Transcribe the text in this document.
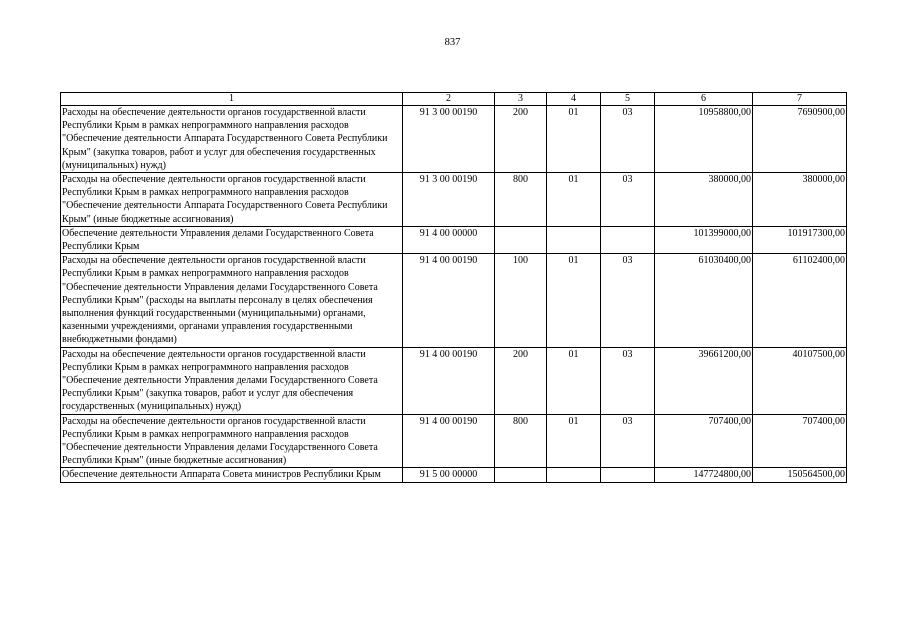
837
1	2	3	4	5	6	7
Расходы на обеспечение деятельности органов государственной власти Республики Крым в рамках непрограммного направления расходов "Обеспечение деятельности Аппарата Государственного Совета Республики Крым" (закупка товаров, работ и услуг для обеспечения государственных (муниципальных) нужд)	91 3 00 00190	200	01	03	10958800,00	7690900,00
Расходы на обеспечение деятельности органов государственной власти Республики Крым в рамках непрограммного направления расходов "Обеспечение деятельности Аппарата Государственного Совета Республики Крым" (иные бюджетные ассигнования)	91 3 00 00190	800	01	03	380000,00	380000,00
Обеспечение деятельности Управления делами Государственного Совета Республики Крым	91 4 00 00000				101399000,00	101917300,00
Расходы на обеспечение деятельности органов государственной власти Республики Крым в рамках непрограммного направления расходов "Обеспечение деятельности Управления делами Государственного Совета Республики Крым" (расходы на выплаты персоналу в целях обеспечения выполнения функций государственными (муниципальными) органами, казенными учреждениями, органами управления государственными внебюджетными фондами)	91 4 00 00190	100	01	03	61030400,00	61102400,00
Расходы на обеспечение деятельности органов государственной власти Республики Крым в рамках непрограммного направления расходов "Обеспечение деятельности Управления делами Государственного Совета Республики Крым" (закупка товаров, работ и услуг для обеспечения государственных (муниципальных) нужд)	91 4 00 00190	200	01	03	39661200,00	40107500,00
Расходы на обеспечение деятельности органов государственной власти Республики Крым в рамках непрограммного направления расходов "Обеспечение деятельности Управления делами Государственного Совета Республики Крым" (иные бюджетные ассигнования)	91 4 00 00190	800	01	03	707400,00	707400,00
Обеспечение деятельности Аппарата Совета министров Республики Крым	91 5 00 00000				147724800,00	150564500,00
